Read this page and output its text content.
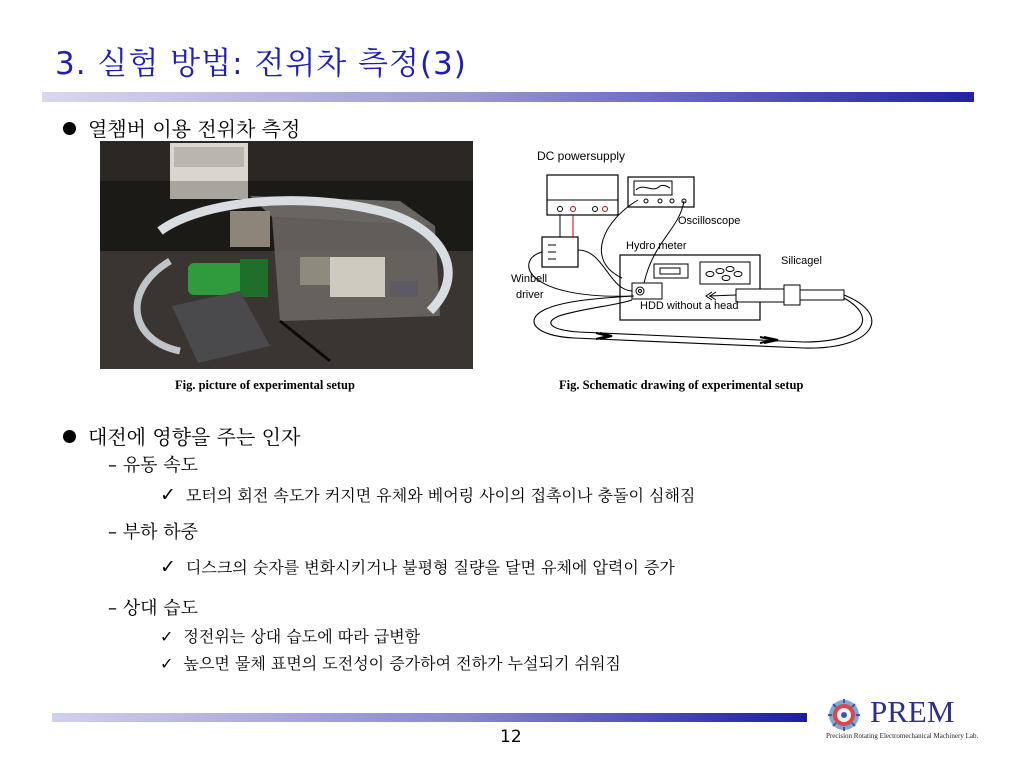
3. 실험 방법: 전위차 측정(3)
열챔버 이용 전위차 측정
Fig. picture of experimental setup
DC powersupply
Oscilloscope
Hydro meter
Silicagel
Winbell
driver
HDD without a head
Fig. Schematic drawing of experimental setup
대전에 영향을 주는 인자
– 유동 속도
✓ 모터의 회전 속도가 커지면 유체와 베어링 사이의 접촉이나 충돌이 심해짐
– 부하 하중
✓ 디스크의 숫자를 변화시키거나 불평형 질량을 달면 유체에 압력이 증가
– 상대 습도
✓ 정전위는 상대 습도에 따라 급변함
✓ 높으면 물체 표면의 도전성이 증가하여 전하가 누설되기 쉬워짐
12
PREM
Precision Rotating Electromechanical Machinery Lab.
